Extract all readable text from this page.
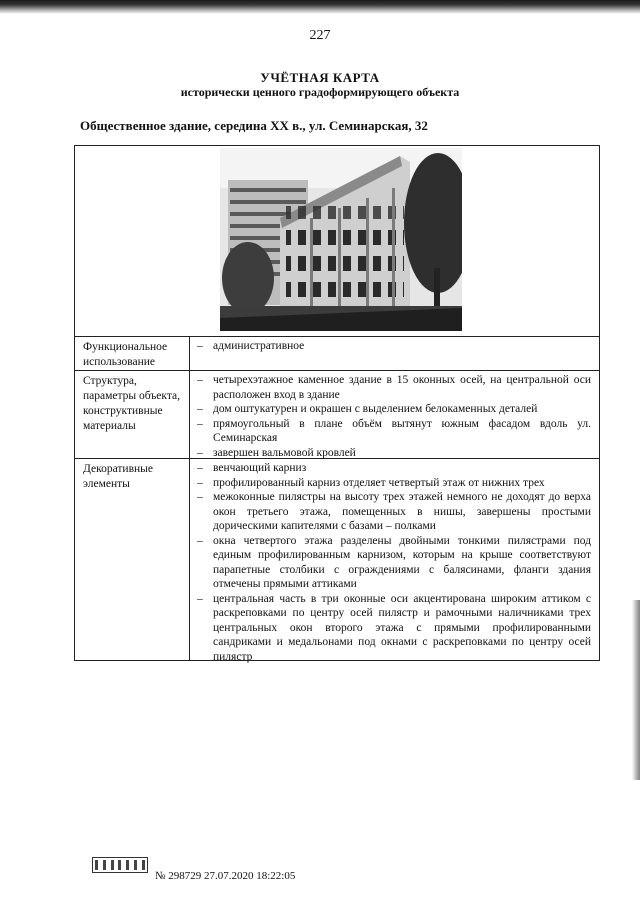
227
УЧЁТНАЯ КАРТА
исторически ценного градоформирующего объекта
Общественное здание, середина XX в., ул. Семинарская, 32
Функциональное использование
– административное
Структура, параметры объекта, конструктивные материалы
– четырехэтажное каменное здание в 15 оконных осей, на центральной оси расположен вход в здание
– дом оштукатурен и окрашен с выделением белокаменных деталей
– прямоугольный в плане объём вытянут южным фасадом вдоль ул. Семинарская
– завершен вальмовой кровлей
Декоративные элементы
– венчающий карниз
– профилированный карниз отделяет четвертый этаж от нижних трех
– межоконные пилястры на высоту трех этажей немного не доходят до верха окон третьего этажа, помещенных в нишы, завершены простыми дорическими капителями с базами – полками
– окна четвертого этажа разделены двойными тонкими пилястрами под единым профилированным карнизом, которым на крыше соответствуют парапетные столбики с ограждениями с балясинами, фланги здания отмечены прямыми аттиками
– центральная часть в три оконные оси акцентирована широким аттиком с раскреповками по центру осей пилястр и рамочными наличниками трех центральных окон второго этажа с прямыми профилированными сандриками и медальонами под окнами с раскреповками по центру осей пилястр
№ 298729 27.07.2020 18:22:05
